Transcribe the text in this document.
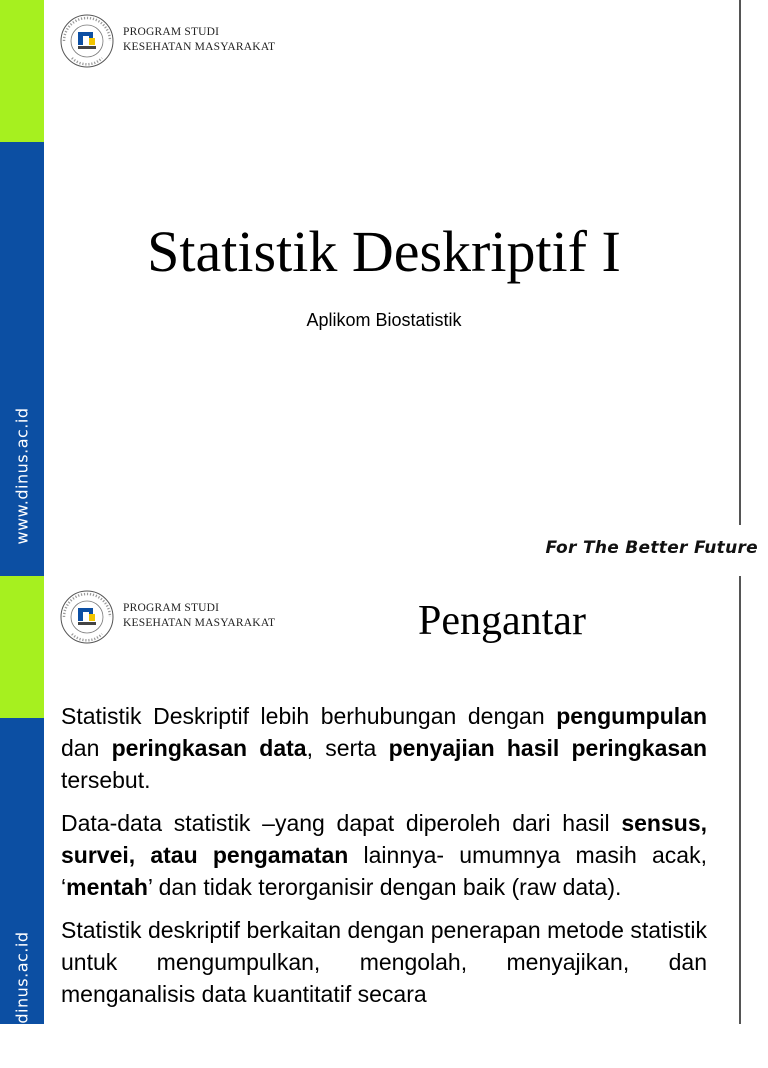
PROGRAM STUDI
KESEHATAN MASYARAKAT
Statistik Deskriptif I
Aplikom Biostatistik
For The Better Future
www.dinus.ac.id
PROGRAM STUDI
KESEHATAN MASYARAKAT	Pengantar

Statistik Deskriptif lebih berhubungan dengan pengumpulan dan peringkasan data, serta penyajian hasil peringkasan tersebut.

Data-data statistik –yang dapat diperoleh dari hasil sensus, survei, atau pengamatan lainnya- umumnya masih acak, ‘mentah’ dan tidak terorganisir dengan baik (raw data).

Statistik deskriptif berkaitan dengan penerapan metode statistik untuk mengumpulkan, mengolah, menyajikan, dan menganalisis data kuantitatif secara

www.dinus.ac.id
